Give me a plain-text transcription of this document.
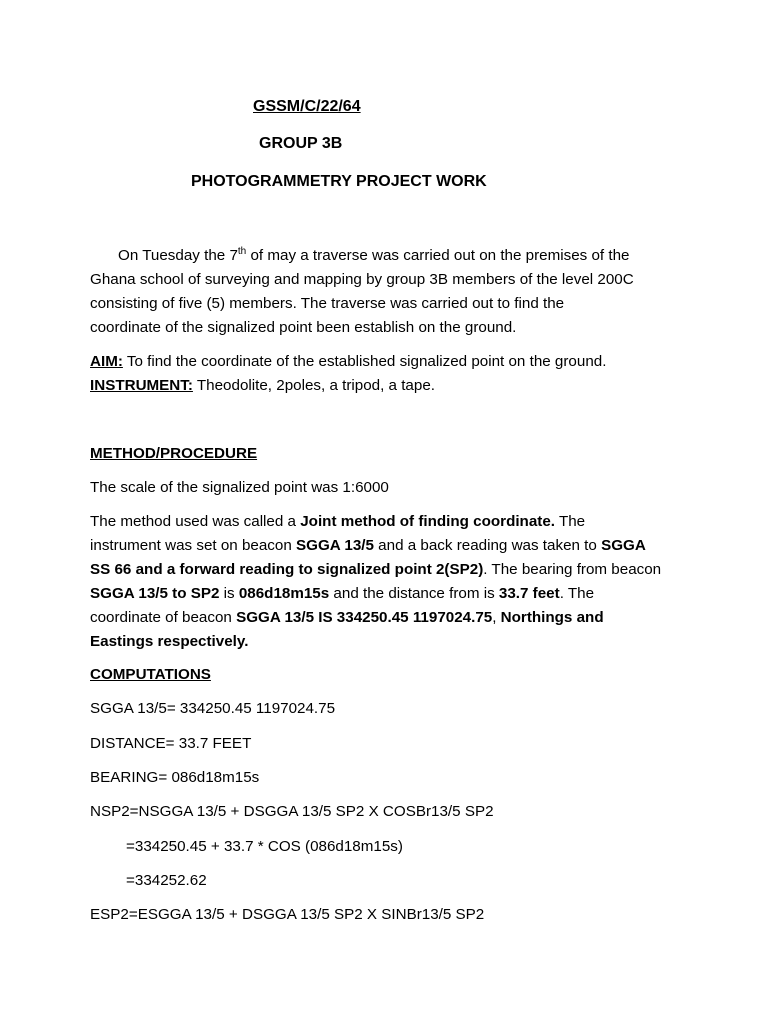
GSSM/C/22/64
GROUP 3B
PHOTOGRAMMETRY PROJECT WORK
On Tuesday the 7th of may a traverse was carried out on the premises of the
Ghana school of surveying and mapping by group 3B members of the level 200C
consisting of five (5) members. The traverse was carried out to find the
coordinate of the signalized point been establish on the ground.
AIM: To find the coordinate of the established signalized point on the ground.
INSTRUMENT: Theodolite, 2poles, a tripod, a tape.
METHOD/PROCEDURE
The scale of the signalized point was 1:6000
The method used was called a Joint method of finding coordinate. The
instrument was set on beacon SGGA 13/5 and a back reading was taken to SGGA
SS 66 and a forward reading to signalized point 2(SP2). The bearing from beacon
SGGA 13/5 to SP2 is 086d18m15s and the distance from is 33.7 feet. The
coordinate of beacon SGGA 13/5 IS 334250.45 1197024.75, Northings and
Eastings respectively.
COMPUTATIONS
SGGA 13/5= 334250.45 1197024.75
DISTANCE= 33.7 FEET
BEARING= 086d18m15s
NSP2=NSGGA 13/5 + DSGGA 13/5 SP2 X COSBr13/5 SP2
=334250.45 + 33.7 * COS (086d18m15s)
=334252.62
ESP2=ESGGA 13/5 + DSGGA 13/5 SP2 X SINBr13/5 SP2
